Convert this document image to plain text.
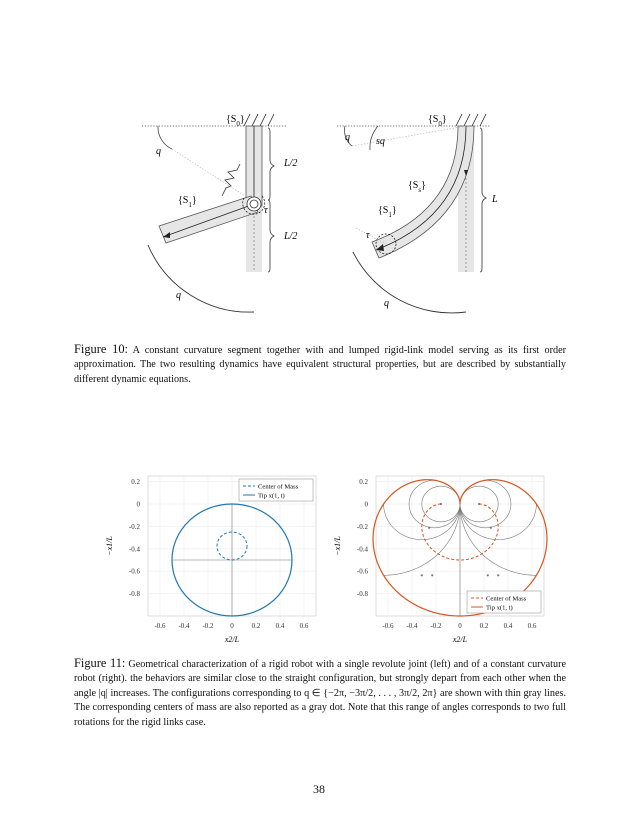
$\{S_0\}$
$\{S_1\}$
q
q
τ
L/2
L/2
$\{S_0\}$
$\{S_1\}$
$\{S_s\}$
q	sq
q
τ
L
Figure 10: A constant curvature segment together with and lumped rigid-link model serving as its first order approximation. The two resulting dynamics have equivalent structural properties, but are described by substantially different dynamic equations.
-0.6 -0.4 -0.2 0	0.2 0.4 0.6
0.2
0
-0.2
-0.4
-0.6
-0.8
x2/L
−x1/L
Center of Mass
Tip x(1, t)
-0.6 -0.4 -0.2 0	0.2 0.4 0.6
0.2
0
-0.2
-0.4
-0.6
-0.8
x2/L
−x1/L
Center of Mass
Tip x(1, t)
Figure 11: Geometrical characterization of a rigid robot with a single revolute joint (left) and of a constant curvature robot (right). the behaviors are similar close to the straight configuration, but strongly depart from each other when the angle |q| increases. The configurations corresponding to q ∈ {−2π, −3π/2, . . . , 3π/2, 2π} are shown with thin gray lines. The corresponding centers of mass are also reported as a gray dot. Note that this range of angles corresponds to two full rotations for the rigid links case.
38
